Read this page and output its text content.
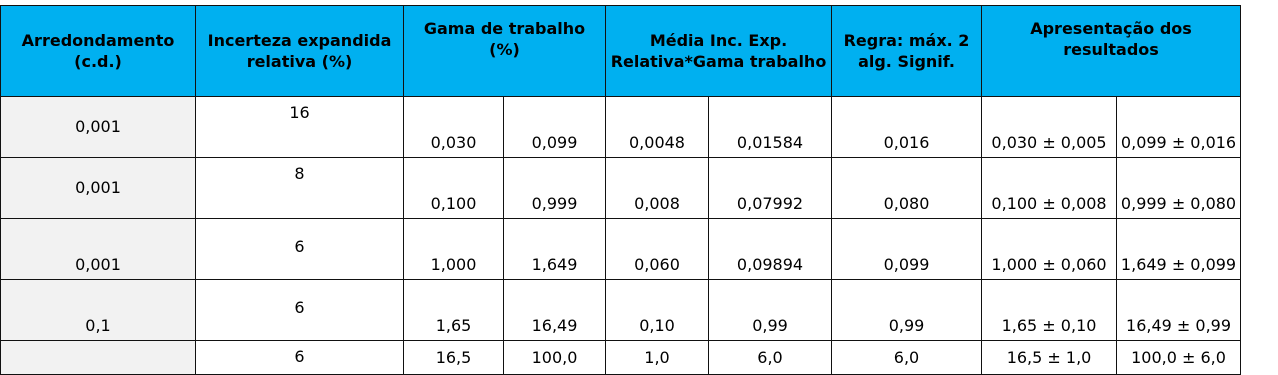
Arredondamento (c.d.)	Incerteza expandida relativa (%)	Gama de trabalho (%)		Média Inc. Exp. Relativa*Gama trabalho		Regra: máx. 2 alg. Signif.	Apresentação dos resultados	
0,001	16	0,030	0,099	0,0048	0,01584	0,016	0,030 ± 0,005	0,099 ± 0,016
0,001	8	0,100	0,999	0,008	0,07992	0,080	0,100 ± 0,008	0,999 ± 0,080
0,001	6	1,000	1,649	0,060	0,09894	0,099	1,000 ± 0,060	1,649 ± 0,099
0,1	6	1,65	16,49	0,10	0,99	0,99	1,65 ± 0,10	16,49 ± 0,99
	6	16,5	100,0	1,0	6,0	6,0	16,5 ± 1,0	100,0 ± 6,0
